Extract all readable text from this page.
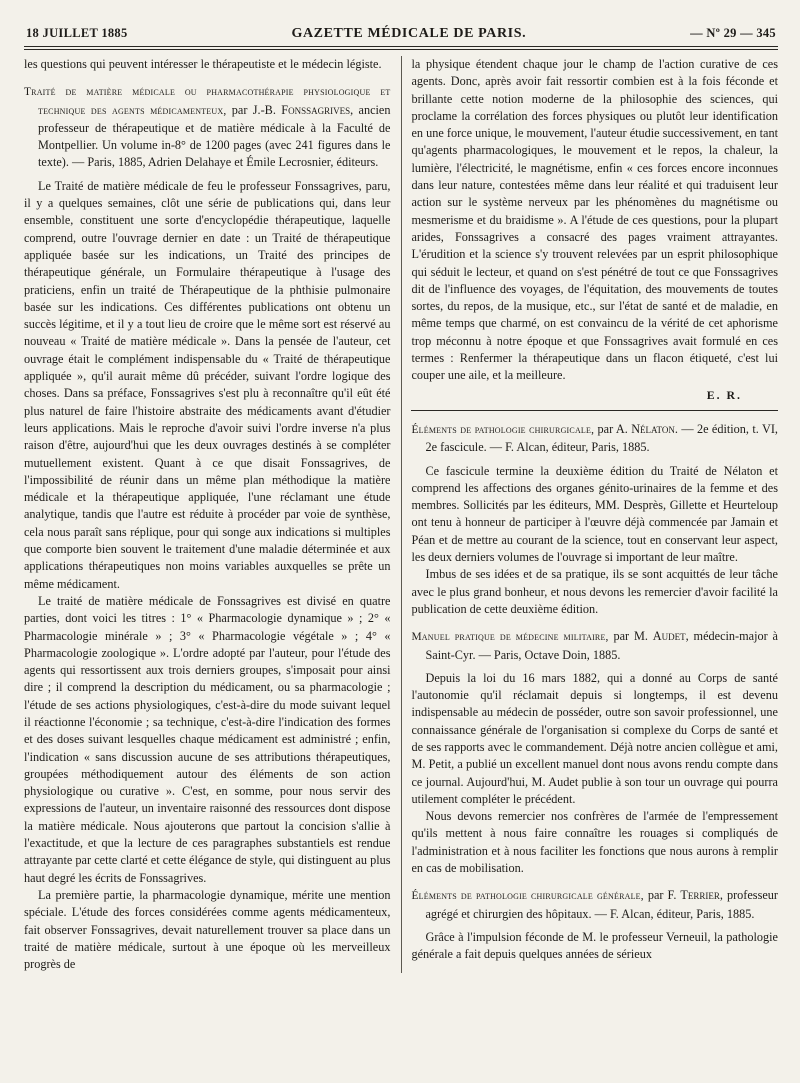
18 JUILLET 1885	GAZETTE MÉDICALE DE PARIS.	— Nº 29 — 345

les questions qui peuvent intéresser le thérapeutiste et le médecin légiste.

Traité de matière médicale ou pharmacothérapie physiologique et technique des agents médicamenteux, par J.-B. Fonssagrives, ancien professeur de thérapeutique et de matière médicale à la Faculté de Montpellier. Un volume in-8° de 1200 pages (avec 241 figures dans le texte). — Paris, 1885, Adrien Delahaye et Émile Lecrosnier, éditeurs.

Le Traité de matière médicale de feu le professeur Fonssagrives, paru, il y a quelques semaines, clôt une série de publications qui, dans leur ensemble, constituent une sorte d'encyclopédie thérapeutique, laquelle comprend, outre l'ouvrage dernier en date : un Traité de thérapeutique appliquée basée sur les indications, un Traité des principes de thérapeutique générale, un Formulaire thérapeutique à l'usage des praticiens, enfin un traité de Thérapeutique de la phthisie pulmonaire basée sur les indications. Ces différentes publications ont obtenu un succès légitime, et il y a tout lieu de croire que le même sort est réservé au nouveau « Traité de matière médicale ». Dans la pensée de l'auteur, cet ouvrage était le complément indispensable du « Traité de thérapeutique appliquée », qu'il aurait même dû précéder, suivant l'ordre logique des choses. Dans sa préface, Fonssagrives s'est plu à reconnaître qu'il eût été plus naturel de faire l'histoire abstraite des médicaments avant d'étudier leurs applications. Mais le reproche d'avoir suivi l'ordre inverse n'a plus raison d'être, aujourd'hui que les deux ouvrages destinés à se compléter mutuellement existent. Quant à ce que disait Fonssagrives, de l'impossibilité de réunir dans un même plan méthodique la matière médicale et la thérapeutique appliquée, l'une réclamant une étude analytique, tandis que l'autre est réduite à procéder par voie de synthèse, cela nous paraît sans réplique, pour qui songe aux indications si multiples que comporte bien souvent le traitement d'une maladie déterminée et aux applications thérapeutiques non moins variables auxquelles se prête un même médicament.

Le traité de matière médicale de Fonssagrives est divisé en quatre parties, dont voici les titres : 1° « Pharmacologie dynamique » ; 2° « Pharmacologie minérale » ; 3° « Pharmacologie végétale » ; 4° « Pharmacologie zoologique ». L'ordre adopté par l'auteur, pour l'étude des agents qui ressortissent aux trois derniers groupes, s'imposait pour ainsi dire ; il comprend la description du médicament, ou sa pharmacologie ; l'étude de ses actions physiologiques, c'est-à-dire du mode suivant lequel il réactionne l'économie ; sa technique, c'est-à-dire l'indication des formes et des doses suivant lesquelles chaque médicament est administré ; enfin, l'indication « sans discussion aucune de ses attributions thérapeutiques, groupées méthodiquement autour des éléments de son action physiologique ou curative ». C'est, en somme, pour nous servir des expressions de l'auteur, un inventaire raisonné des ressources dont dispose la matière médicale. Nous ajouterons que partout la concision s'allie à l'exactitude, et que la lecture de ces paragraphes substantiels est rendue attrayante par cette clarté et cette élégance de style, qui distinguent au plus haut degré les écrits de Fonssagrives.

La première partie, la pharmacologie dynamique, mérite une mention spéciale. L'étude des forces considérées comme agents médicamenteux, fait observer Fonssagrives, devait naturellement trouver sa place dans un traité de matière médicale, surtout à une époque où les merveilleux progrès de

la physique étendent chaque jour le champ de l'action curative de ces agents. Donc, après avoir fait ressortir combien est à la fois féconde et brillante cette notion moderne de la philosophie des sciences, qui proclame la corrélation des forces physiques ou plutôt leur identification en une force unique, le mouvement, l'auteur étudie successivement, en tant qu'agents pharmacologiques, le mouvement et le repos, la chaleur, la lumière, l'électricité, le magnétisme, enfin « ces forces encore inconnues dans leur nature, contestées même dans leur réalité et qui traduisent leur action sur le système nerveux par les phénomènes du magnétisme ou mesmerisme et du braidisme ». A l'étude de ces questions, pour la plupart arides, Fonssagrives a consacré des pages vraiment attrayantes. L'érudition et la science s'y trouvent relevées par un esprit philosophique qui séduit le lecteur, et quand on s'est pénétré de tout ce que Fonssagrives dit de l'influence des voyages, de l'équitation, des mouvements de toutes sortes, du repos, de la musique, etc., sur l'état de santé et de maladie, en même temps que charmé, on est convaincu de la vérité de cet aphorisme trop méconnu à notre époque et que Fonssagrives avait formulé en ces termes : Renfermer la thérapeutique dans un flacon étiqueté, c'est lui couper une aile, et la meilleure.

E. R.

Éléments de pathologie chirurgicale, par A. Nélaton. — 2e édition, t. VI, 2e fascicule. — F. Alcan, éditeur, Paris, 1885.

Ce fascicule termine la deuxième édition du Traité de Nélaton et comprend les affections des organes génito-urinaires de la femme et des membres. Sollicités par les éditeurs, MM. Desprès, Gillette et Heurteloup ont tenu à honneur de participer à l'œuvre déjà commencée par Jamain et Péan et de mettre au courant de la science, tout en conservant leur aspect, les deux derniers volumes de l'ouvrage si important de leur maître.

Imbus de ses idées et de sa pratique, ils se sont acquittés de leur tâche avec le plus grand bonheur, et nous devons les remercier d'avoir facilité la publication de cette deuxième édition.

Manuel pratique de médecine militaire, par M. Audet, médecin-major à Saint-Cyr. — Paris, Octave Doin, 1885.

Depuis la loi du 16 mars 1882, qui a donné au Corps de santé l'autonomie qu'il réclamait depuis si longtemps, il est devenu indispensable au médecin de posséder, outre son savoir professionnel, une connaissance générale de l'organisation si complexe du Corps de santé et de ses rapports avec le commandement. Déjà notre ancien collègue et ami, M. Petit, a publié un excellent manuel dont nous avons rendu compte dans ce journal. Aujourd'hui, M. Audet publie à son tour un ouvrage qui pourra utilement compléter le précédent.

Nous devons remercier nos confrères de l'armée de l'empressement qu'ils mettent à nous faire connaître les rouages si compliqués de l'administration et à nous faciliter les fonctions que nous aurons à remplir en cas de mobilisation.

Éléments de pathologie chirurgicale générale, par F. Terrier, professeur agrégé et chirurgien des hôpitaux. — F. Alcan, éditeur, Paris, 1885.

Grâce à l'impulsion féconde de M. le professeur Verneuil, la pathologie générale a fait depuis quelques années de sérieux
